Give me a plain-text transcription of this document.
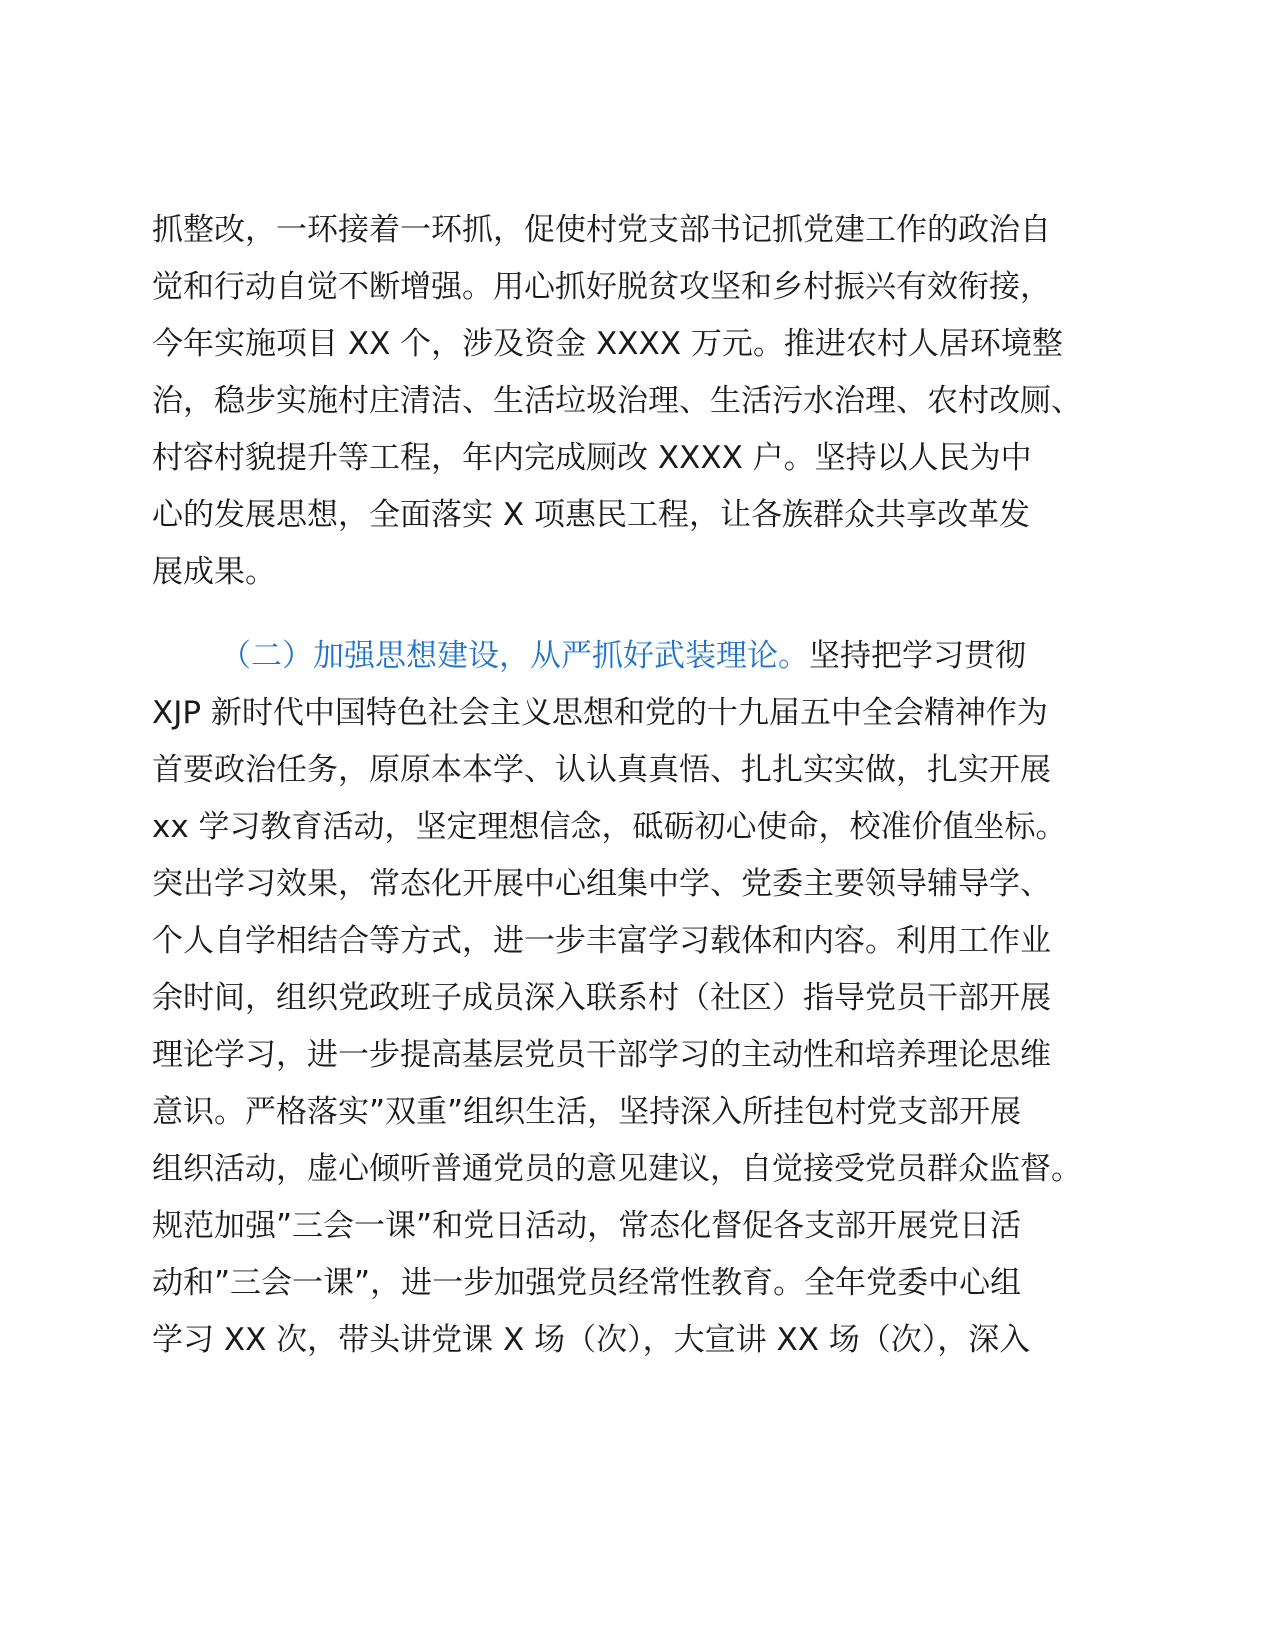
抓整改，一环接着一环抓，促使村党支部书记抓党建工作的政治自
觉和行动自觉不断增强。用心抓好脱贫攻坚和乡村振兴有效衔接，
今年实施项目 XX 个，涉及资金 XXXX 万元。推进农村人居环境整
治，稳步实施村庄清洁、生活垃圾治理、生活污水治理、农村改厕、
村容村貌提升等工程，年内完成厕改 XXXX 户。坚持以人民为中
心的发展思想，全面落实 X 项惠民工程，让各族群众共享改革发
展成果。
（二）加强思想建设，从严抓好武装理论。坚持把学习贯彻
XJP 新时代中国特色社会主义思想和党的十九届五中全会精神作为
首要政治任务，原原本本学、认认真真悟、扎扎实实做，扎实开展
xx 学习教育活动，坚定理想信念，砥砺初心使命，校准价值坐标。
突出学习效果，常态化开展中心组集中学、党委主要领导辅导学、
个人自学相结合等方式，进一步丰富学习载体和内容。利用工作业
余时间，组织党政班子成员深入联系村（社区）指导党员干部开展
理论学习，进一步提高基层党员干部学习的主动性和培养理论思维
意识。严格落实”双重”组织生活，坚持深入所挂包村党支部开展
组织活动，虚心倾听普通党员的意见建议，自觉接受党员群众监督。
规范加强”三会一课”和党日活动，常态化督促各支部开展党日活
动和”三会一课”，进一步加强党员经常性教育。全年党委中心组
学习 XX 次，带头讲党课 X 场（次），大宣讲 XX 场（次），深入
